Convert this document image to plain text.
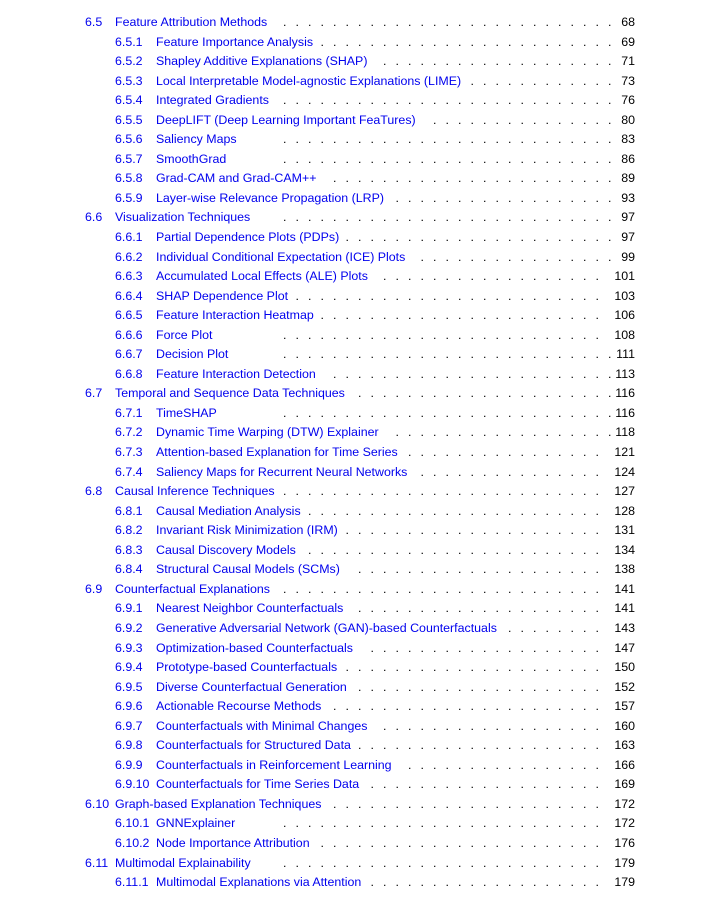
. . . . . . . . . . . . . . . . . . . . . . . . . . .
6.5	Feature Attribution Methods	68
. . . . . . . . . . . . . . . . . . . . . . . .
6.5.1	Feature Importance Analysis	69
. . . . . . . . . . . . . . . . . . .
6.5.2	Shapley Additive Explanations (SHAP)	71
. . . . . . . . . . . .
6.5.3	Local Interpretable Model-agnostic Explanations (LIME)	73
. . . . . . . . . . . . . . . . . . . . . . . . . . .
6.5.4	Integrated Gradients	76
. . . . . . . . . . . . . . .
6.5.5	DeepLIFT (Deep Learning Important FeaTures)	80
. . . . . . . . . . . . . . . . . . . . . . . . . . .
6.5.6	Saliency Maps	83
. . . . . . . . . . . . . . . . . . . . . . . . . . .
6.5.7	SmoothGrad	86
. . . . . . . . . . . . . . . . . . . . . . .
6.5.8	Grad-CAM and Grad-CAM++	89
. . . . . . . . . . . . . . . . . .
6.5.9	Layer-wise Relevance Propagation (LRP)	93
. . . . . . . . . . . . . . . . . . . . . . . . . . .
6.6	Visualization Techniques	97
. . . . . . . . . . . . . . . . . . . . . .
6.6.1	Partial Dependence Plots (PDPs)	97
. . . . . . . . . . . . . . . .
6.6.2	Individual Conditional Expectation (ICE) Plots	99
. . . . . . . . . . . . . . . . . .
6.6.3	Accumulated Local Effects (ALE) Plots	101
. . . . . . . . . . . . . . . . . . . . . . . . .
6.6.4	SHAP Dependence Plot	103
. . . . . . . . . . . . . . . . . . . . . . .
6.6.5	Feature Interaction Heatmap	106
. . . . . . . . . . . . . . . . . . . . . . . . . .
6.6.6	Force Plot	108
. . . . . . . . . . . . . . . . . . . . . . . . . . .
6.6.7	Decision Plot	111
. . . . . . . . . . . . . . . . . . . . . . .
6.6.8	Feature Interaction Detection	113
. . . . . . . . . . . . . . . . . . . . .
6.7	Temporal and Sequence Data Techniques	116
. . . . . . . . . . . . . . . . . . . . . . . . . . .
6.7.1	TimeSHAP	116
. . . . . . . . . . . . . . . . . .
6.7.2	Dynamic Time Warping (DTW) Explainer	118
. . . . . . . . . . . . . . . .
6.7.3	Attention-based Explanation for Time Series	121
. . . . . . . . . . . . . . .
6.7.4	Saliency Maps for Recurrent Neural Networks	124
. . . . . . . . . . . . . . . . . . . . . . . . . .
6.8	Causal Inference Techniques	127
. . . . . . . . . . . . . . . . . . . . . . . .
6.8.1	Causal Mediation Analysis	128
. . . . . . . . . . . . . . . . . . . . .
6.8.2	Invariant Risk Minimization (IRM)	131
. . . . . . . . . . . . . . . . . . . . . . . .
6.8.3	Causal Discovery Models	134
. . . . . . . . . . . . . . . . . . . .
6.8.4	Structural Causal Models (SCMs)	138
. . . . . . . . . . . . . . . . . . . . . . . . . .
6.9	Counterfactual Explanations	141
. . . . . . . . . . . . . . . . . . . .
6.9.1	Nearest Neighbor Counterfactuals	141
. . . . . . . .
6.9.2	Generative Adversarial Network (GAN)-based Counterfactuals	143
. . . . . . . . . . . . . . . . . . .
6.9.3	Optimization-based Counterfactuals	147
. . . . . . . . . . . . . . . . . . . . .
6.9.4	Prototype-based Counterfactuals	150
. . . . . . . . . . . . . . . . . . . .
6.9.5	Diverse Counterfactual Generation	152
. . . . . . . . . . . . . . . . . . . . . .
6.9.6	Actionable Recourse Methods	157
. . . . . . . . . . . . . . . . . .
6.9.7	Counterfactuals with Minimal Changes	160
. . . . . . . . . . . . . . . . . . . .
6.9.8	Counterfactuals for Structured Data	163
. . . . . . . . . . . . . . . .
6.9.9	Counterfactuals in Reinforcement Learning	166
. . . . . . . . . . . . . . . . . . .
6.9.10 Counterfactuals for Time Series Data	169
. . . . . . . . . . . . . . . . . . . . . .
6.10 Graph-based Explanation Techniques	172
. . . . . . . . . . . . . . . . . . . . . . . . . .
6.10.1 GNNExplainer	172
. . . . . . . . . . . . . . . . . . . . . . .
6.10.2 Node Importance Attribution	176
. . . . . . . . . . . . . . . . . . . . . . . . . .
6.11 Multimodal Explainability	179
. . . . . . . . . . . . . . . . . . .
6.11.1 Multimodal Explanations via Attention	179
